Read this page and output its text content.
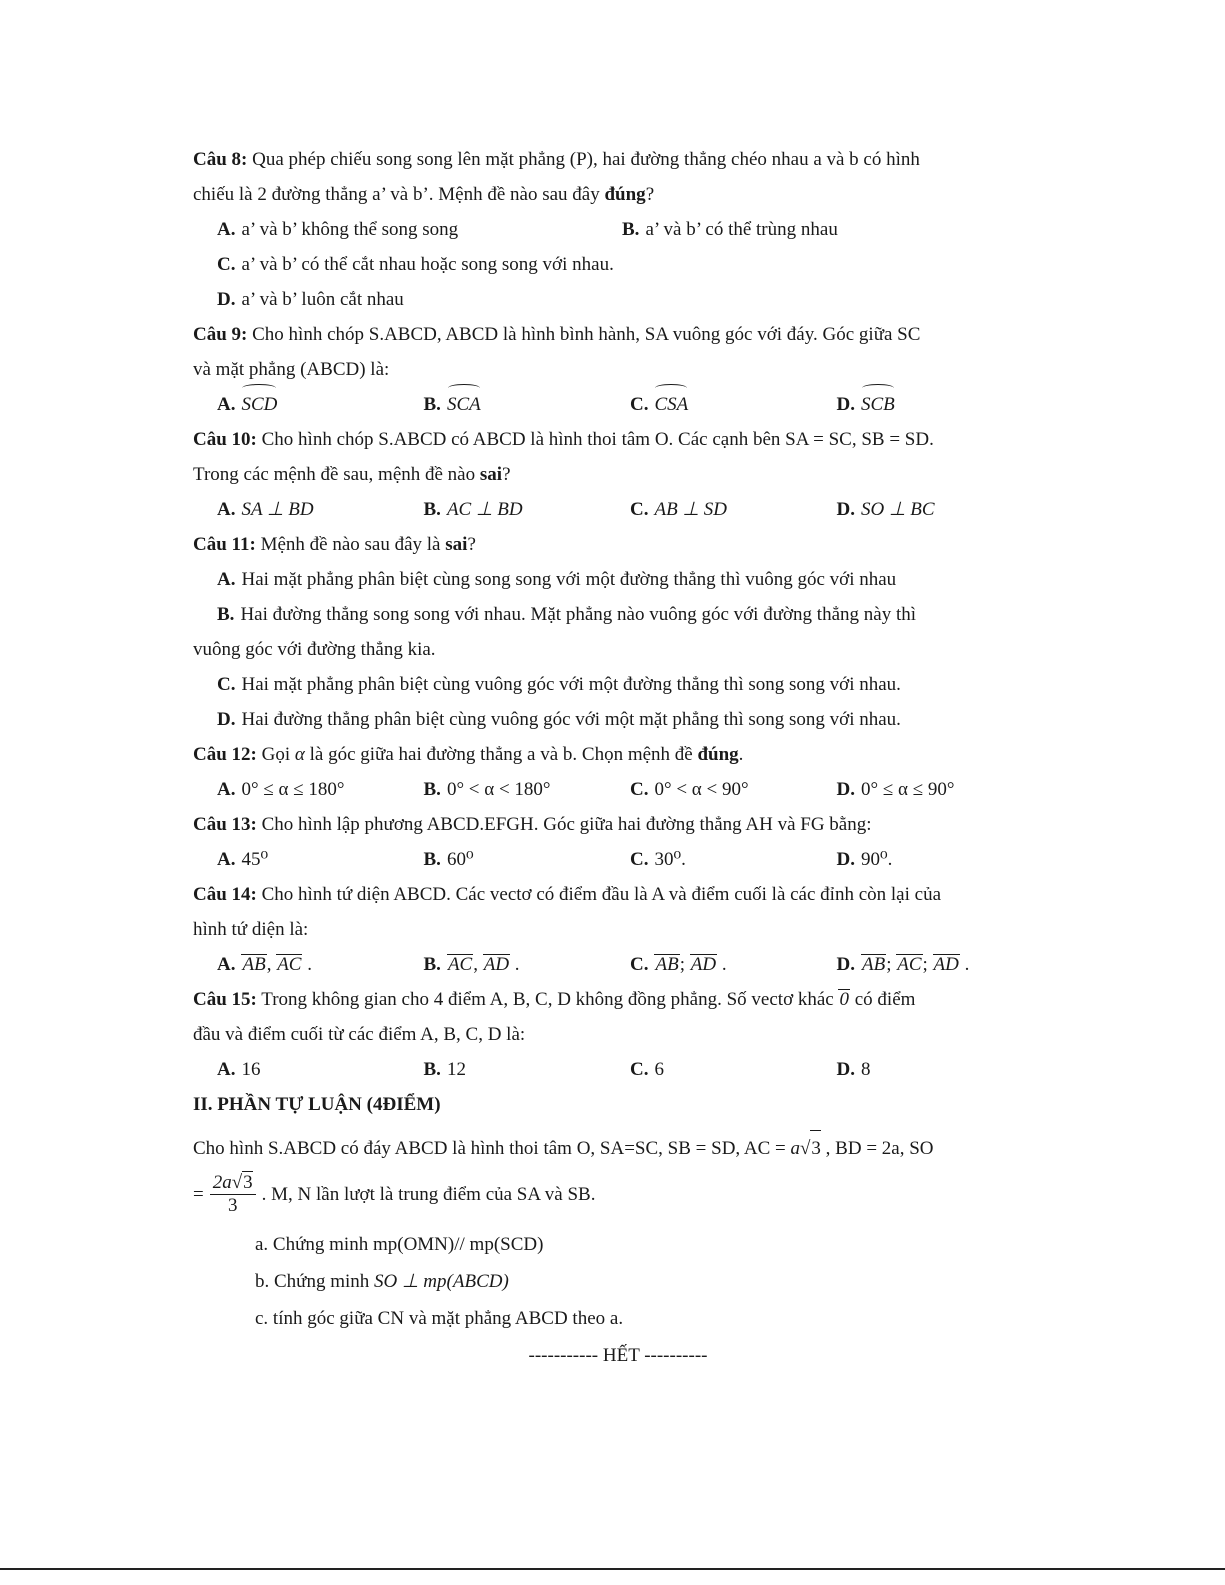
Câu 8: Qua phép chiếu song song lên mặt phẳng (P), hai đường thẳng chéo nhau a và b có hình
chiếu là 2 đường thẳng a’ và b’. Mệnh đề nào sau đây đúng?
A. a’ và b’ không thể song song	B. a’ và b’ có thể trùng nhau
C. a’ và b’ có thể cắt nhau hoặc song song với nhau.
D. a’ và b’ luôn cắt nhau
Câu 9: Cho hình chóp S.ABCD, ABCD là hình bình hành, SA vuông góc với đáy. Góc giữa SC
và mặt phẳng (ABCD) là:
A. SCD	B. SCA	C. CSA	D. SCB
Câu 10: Cho hình chóp S.ABCD có ABCD là hình thoi tâm O. Các cạnh bên SA = SC, SB = SD.
Trong các mệnh đề sau, mệnh đề nào sai?
A. SA ⊥ BD	B. AC ⊥ BD	C. AB ⊥ SD	D. SO ⊥ BC
Câu 11: Mệnh đề nào sau đây là sai?
A. Hai mặt phẳng phân biệt cùng song song với một đường thẳng thì vuông góc với nhau
B. Hai đường thẳng song song với nhau. Mặt phẳng nào vuông góc với đường thẳng này thì
vuông góc với đường thẳng kia.
C. Hai mặt phẳng phân biệt cùng vuông góc với một đường thẳng thì song song với nhau.
D. Hai đường thẳng phân biệt cùng vuông góc với một mặt phẳng thì song song với nhau.
Câu 12: Gọi α là góc giữa hai đường thẳng a và b. Chọn mệnh đề đúng.
A. 0° ≤ α ≤ 180°	B. 0° < α < 180°	C. 0° < α < 90°	D. 0° ≤ α ≤ 90°
Câu 13: Cho hình lập phương ABCD.EFGH. Góc giữa hai đường thẳng AH và FG bằng:
A. 45⁰	B. 60⁰	C. 30⁰.	D. 90⁰.
Câu 14: Cho hình tứ diện ABCD. Các vectơ có điểm đầu là A và điểm cuối là các đỉnh còn lại của
hình tứ diện là:
A. AB, AC .	B. AC, AD .	C. AB; AD .	D. AB; AC; AD .
Câu 15: Trong không gian cho 4 điểm A, B, C, D không đồng phẳng. Số vectơ khác 0 có điểm
đầu và điểm cuối từ các điểm A, B, C, D là:
A. 16	B. 12	C. 6	D. 8
II. PHẦN TỰ LUẬN (4ĐIỂM)
Cho hình S.ABCD có đáy ABCD là hình thoi tâm O, SA=SC, SB = SD, AC = a√3 , BD = 2a, SO
= $\frac{2a√3}{3}$ . M, N lần lượt là trung điểm của SA và SB.
a. Chứng minh mp(OMN)// mp(SCD)
b. Chứng minh SO ⊥ mp(ABCD)
c. tính góc giữa CN và mặt phẳng ABCD theo a.
----------- HẾT ----------
